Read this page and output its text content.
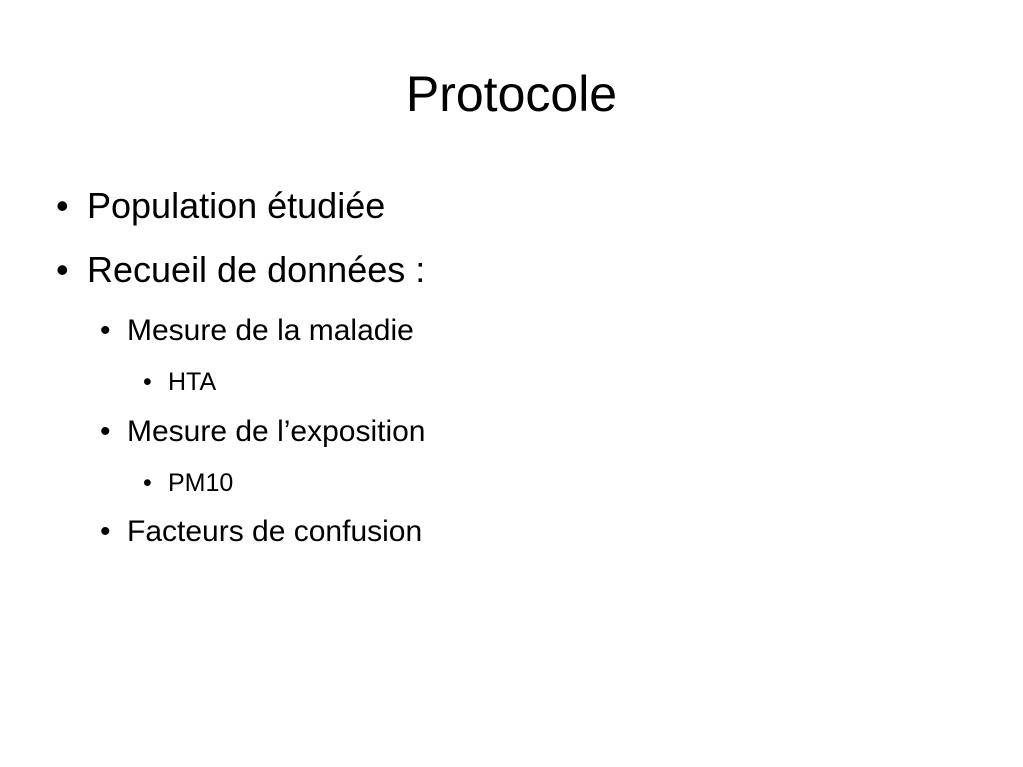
Protocole
• Population étudiée
• Recueil de données :
• Mesure de la maladie
• HTA
• Mesure de l’exposition
• PM10
• Facteurs de confusion
